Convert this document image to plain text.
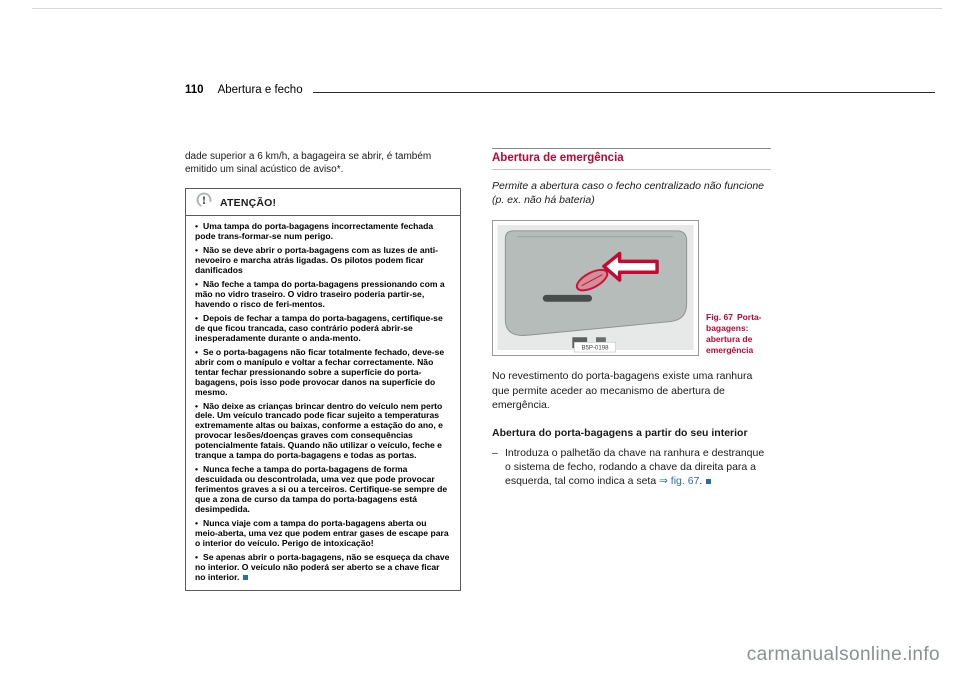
110 Abertura e fecho

dade superior a 6 km/h, a bagageira se abrir, é também emitido um sinal acústico de aviso*.

! ATENÇÃO!
• Uma tampa do porta-bagagens incorrectamente fechada pode trans-formar-se num perigo.
• Não se deve abrir o porta-bagagens com as luzes de anti-nevoeiro e marcha atrás ligadas. Os pilotos podem ficar danificados
• Não feche a tampa do porta-bagagens pressionando com a mão no vidro traseiro. O vidro traseiro poderia partir-se, havendo o risco de feri-mentos.
• Depois de fechar a tampa do porta-bagagens, certifique-se de que ficou trancada, caso contrário poderá abrir-se inesperadamente durante o anda-mento.
• Se o porta-bagagens não ficar totalmente fechado, deve-se abrir com o manípulo e voltar a fechar correctamente. Não tentar fechar pressionando sobre a superfície do porta-bagagens, pois isso pode provocar danos na superfície do mesmo.
• Não deixe as crianças brincar dentro do veículo nem perto dele. Um veículo trancado pode ficar sujeito a temperaturas extremamente altas ou baixas, conforme a estação do ano, e provocar lesões/doenças graves com consequências potencialmente fatais. Quando não utilizar o veículo, feche e tranque a tampa do porta-bagagens e todas as portas.
• Nunca feche a tampa do porta-bagagens de forma descuidada ou descontrolada, uma vez que pode provocar ferimentos graves a si ou a terceiros. Certifique-se sempre de que a zona de curso da tampa do porta-bagagens está desimpedida.
• Nunca viaje com a tampa do porta-bagagens aberta ou meio-aberta, uma vez que podem entrar gases de escape para o interior do veículo. Perigo de intoxicação!
• Se apenas abrir o porta-bagagens, não se esqueça da chave no interior. O veículo não poderá ser aberto se a chave ficar no interior.
Abertura de emergência

Permite a abertura caso o fecho centralizado não funcione (p. ex. não há bateria)

B5P-0198
Fig. 67 Porta-bagagens: abertura de emergência

No revestimento do porta-bagagens existe uma ranhura que permite aceder ao mecanismo de abertura de emergência.

Abertura do porta-bagagens a partir do seu interior
– Introduza o palhetão da chave na ranhura e destranque o sistema de fecho, rodando a chave da direita para a esquerda, tal como indica a seta ⇒ fig. 67.
carmanualsonline.info
